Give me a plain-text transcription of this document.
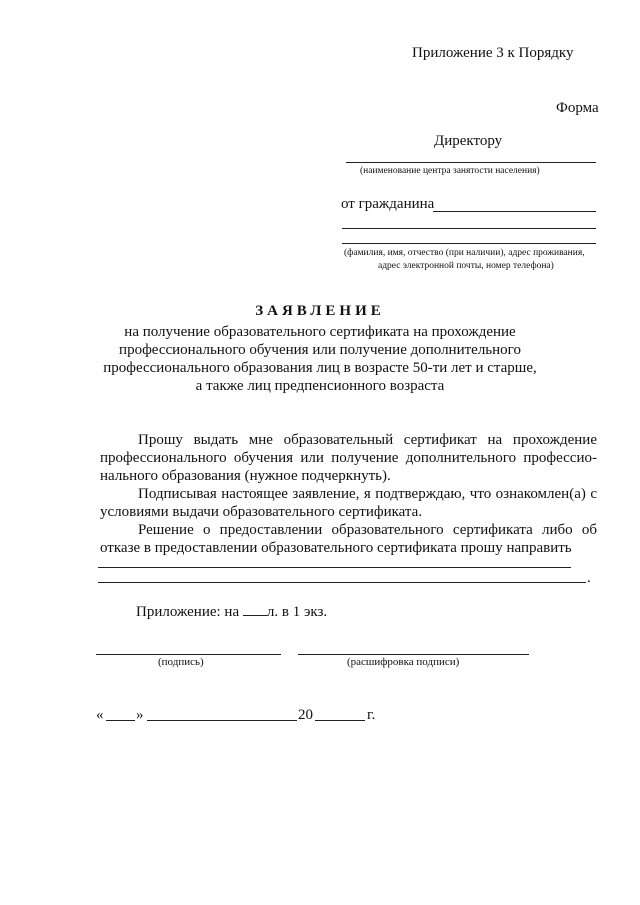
Приложение 3 к Порядку
Форма
Директору
(наименование центра занятости населения)
от гражданина
(фамилия, имя, отчество (при наличии), адрес проживания,
адрес электронной почты, номер телефона)
ЗАЯВЛЕНИЕ
на получение образовательного сертификата на прохождение
профессионального обучения или получение дополнительного
профессионального образования лиц в возрасте 50-ти лет и старше,
а также лиц предпенсионного возраста
Прошу выдать мне образовательный сертификат на прохождение профессионального обучения или получение дополнительного профессио-нального образования (нужное подчеркнуть).
Подписывая настоящее заявление, я подтверждаю, что ознакомлен(а) с условиями выдачи образовательного сертификата.
Решение о предоставлении образовательного сертификата либо об отказе в предоставлении образовательного сертификата прошу направить
.
Приложение: на л. в 1 экз.
(подпись)	(расшифровка подписи)
« »	20	г.
